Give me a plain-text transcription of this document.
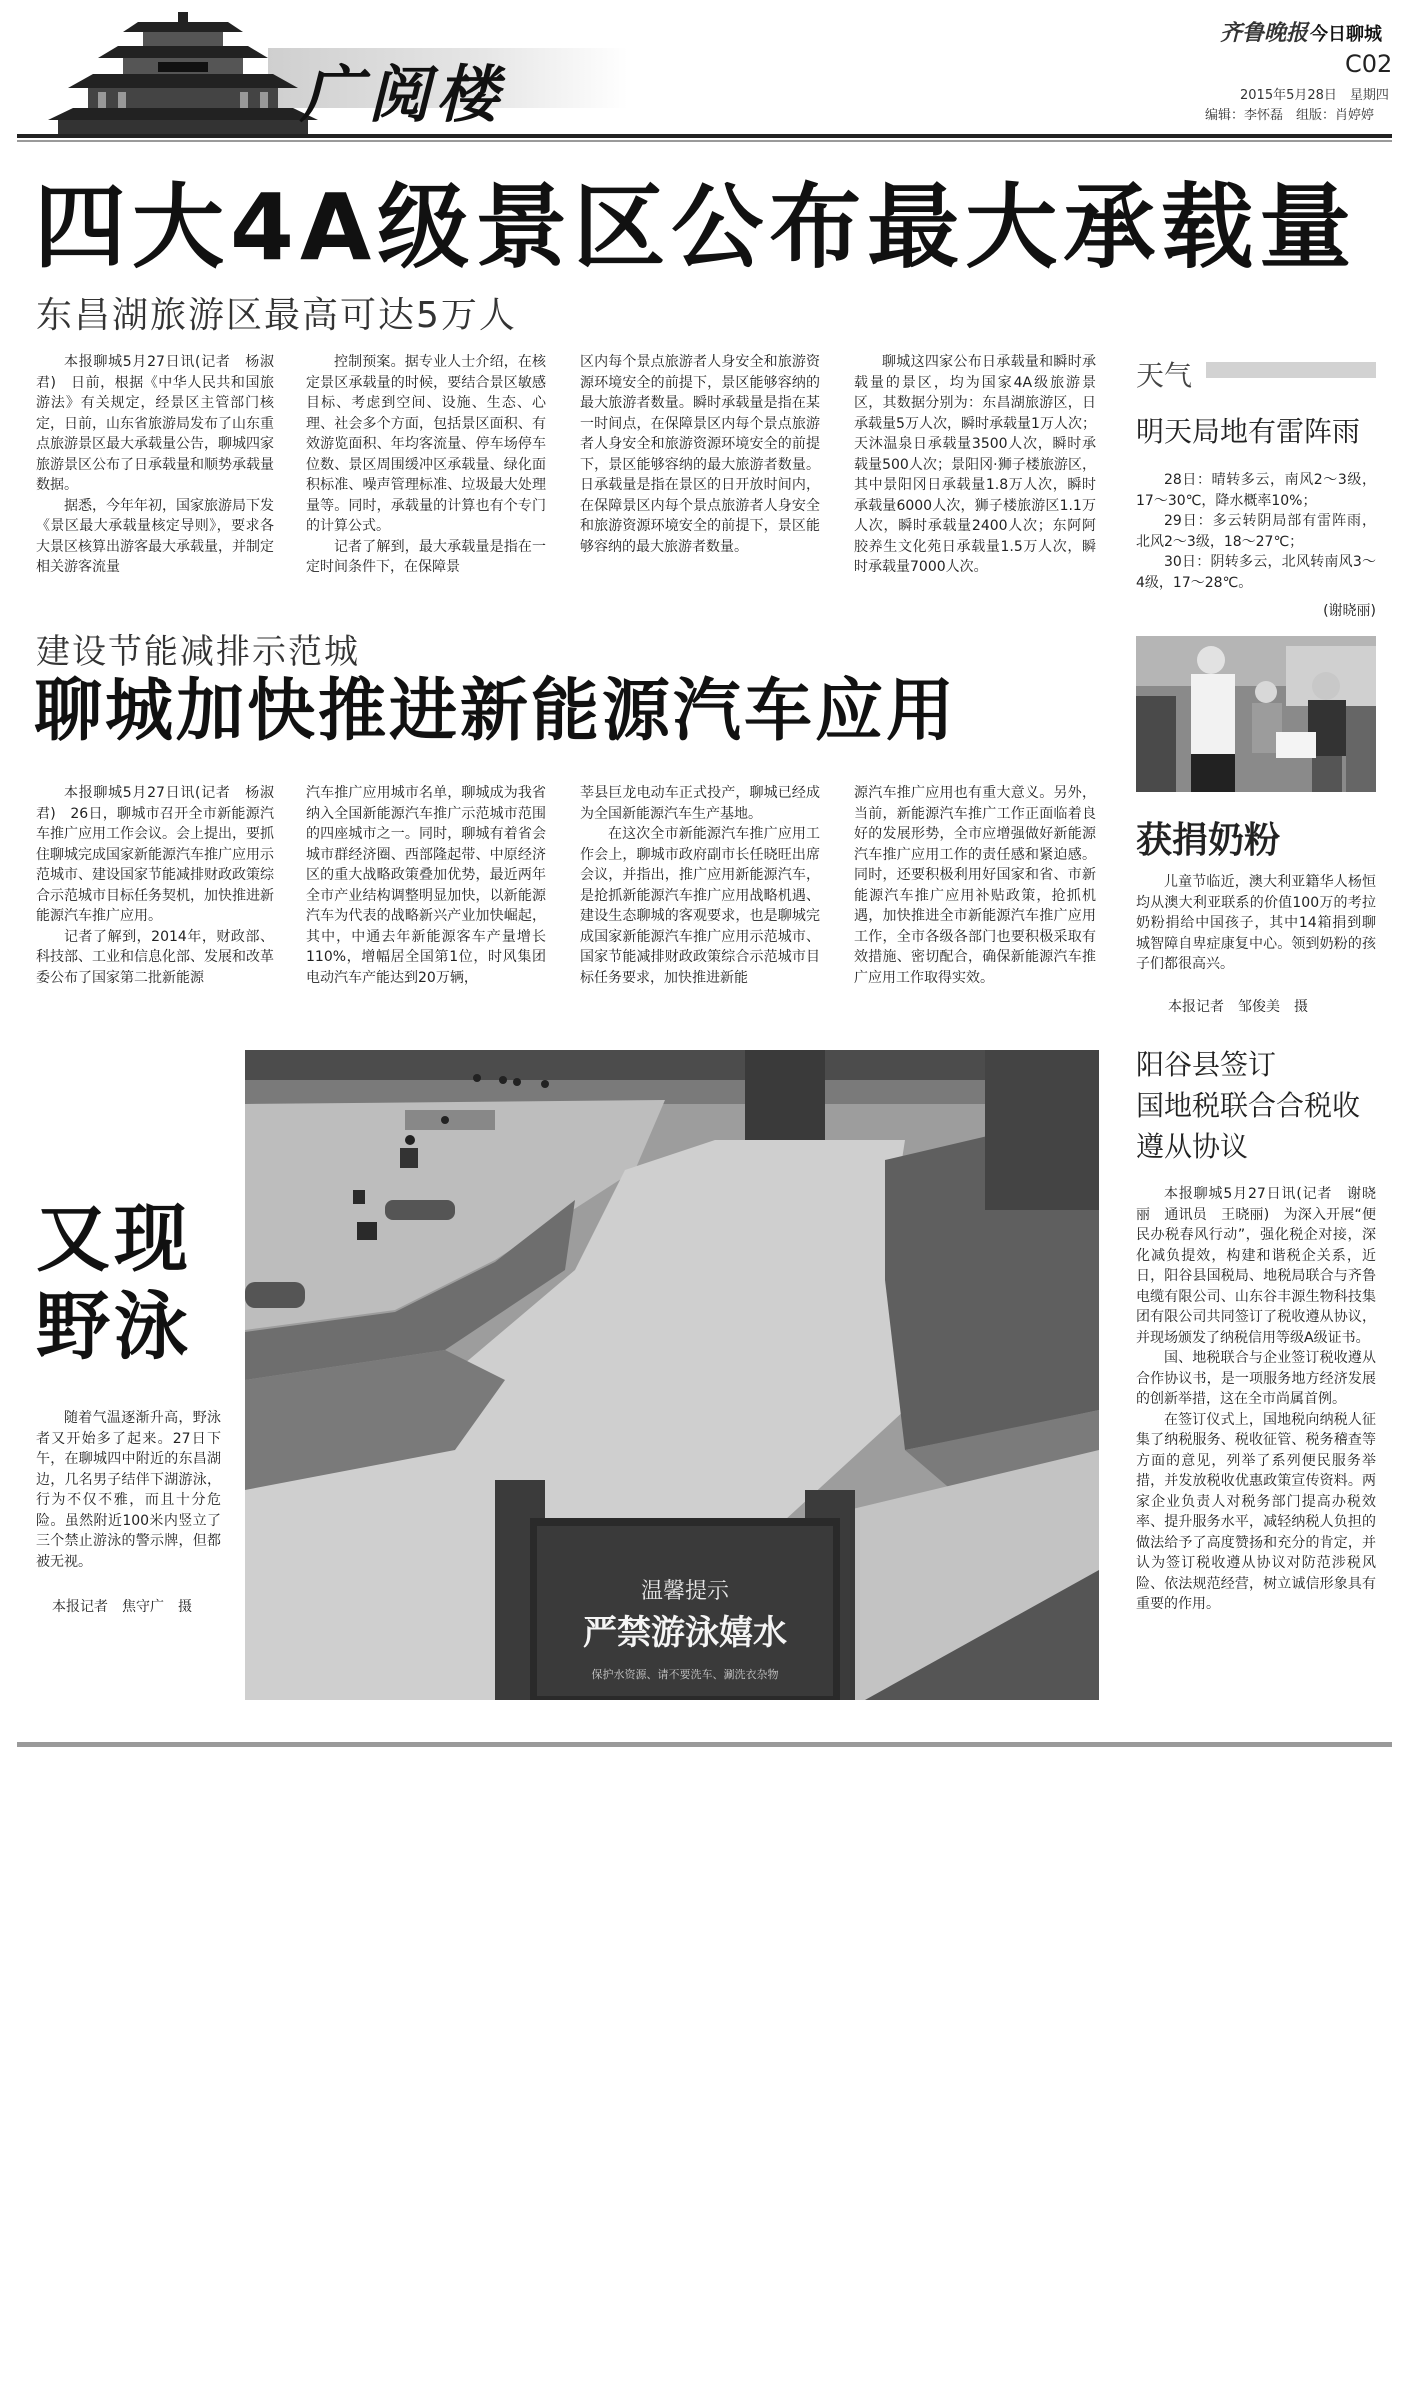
广阅楼
齐鲁晚报 今日聊城
C02
2015年5月28日　星期四
编辑：李怀磊　组版：肖婷婷
四大4A级景区公布最大承载量
东昌湖旅游区最高可达5万人

本报聊城5月27日讯(记者　杨淑君)　日前，根据《中华人民共和国旅游法》有关规定，经景区主管部门核定，日前，山东省旅游局发布了山东重点旅游景区最大承载量公告，聊城四家旅游景区公布了日承载量和顺势承载量数据。

据悉，今年年初，国家旅游局下发《景区最大承载量核定导则》，要求各大景区核算出游客最大承载量，并制定相关游客流量

控制预案。据专业人士介绍，在核定景区承载量的时候，要结合景区敏感目标、考虑到空间、设施、生态、心理、社会多个方面，包括景区面积、有效游览面积、年均客流量、停车场停车位数、景区周围缓冲区承载量、绿化面积标准、噪声管理标准、垃圾最大处理量等。同时，承载量的计算也有个专门的计算公式。

记者了解到，最大承载量是指在一定时间条件下，在保障景

区内每个景点旅游者人身安全和旅游资源环境安全的前提下，景区能够容纳的最大旅游者数量。瞬时承载量是指在某一时间点，在保障景区内每个景点旅游者人身安全和旅游资源环境安全的前提下，景区能够容纳的最大旅游者数量。日承载量是指在景区的日开放时间内，在保障景区内每个景点旅游者人身安全和旅游资源环境安全的前提下，景区能够容纳的最大旅游者数量。

聊城这四家公布日承载量和瞬时承载量的景区，均为国家4A级旅游景区，其数据分别为：东昌湖旅游区，日承载量5万人次，瞬时承载量1万人次；天沐温泉日承载量3500人次，瞬时承载量500人次；景阳冈·狮子楼旅游区，其中景阳冈日承载量1.8万人次，瞬时承载量6000人次，狮子楼旅游区1.1万人次，瞬时承载量2400人次；东阿阿胶养生文化苑日承载量1.5万人次，瞬时承载量7000人次。

天气
明天局地有雷阵雨
28日：晴转多云，南风2～3级，17～30℃，降水概率10%；
29日：多云转阴局部有雷阵雨，北风2～3级，18～27℃；
30日：阴转多云，北风转南风3～4级，17～28℃。
(谢晓丽)
建设节能减排示范城
聊城加快推进新能源汽车应用

本报聊城5月27日讯(记者　杨淑君)　26日，聊城市召开全市新能源汽车推广应用工作会议。会上提出，要抓住聊城完成国家新能源汽车推广应用示范城市、建设国家节能减排财政政策综合示范城市目标任务契机，加快推进新能源汽车推广应用。

记者了解到，2014年，财政部、科技部、工业和信息化部、发展和改革委公布了国家第二批新能源

汽车推广应用城市名单，聊城成为我省纳入全国新能源汽车推广示范城市范围的四座城市之一。同时，聊城有着省会城市群经济圈、西部隆起带、中原经济区的重大战略政策叠加优势，最近两年全市产业结构调整明显加快，以新能源汽车为代表的战略新兴产业加快崛起，其中，中通去年新能源客车产量增长110%，增幅居全国第1位，时风集团电动汽车产能达到20万辆，

莘县巨龙电动车正式投产，聊城已经成为全国新能源汽车生产基地。

在这次全市新能源汽车推广应用工作会上，聊城市政府副市长任晓旺出席会议，并指出，推广应用新能源汽车，是抢抓新能源汽车推广应用战略机遇、建设生态聊城的客观要求，也是聊城完成国家新能源汽车推广应用示范城市、国家节能减排财政政策综合示范城市目标任务要求，加快推进新能

源汽车推广应用也有重大意义。另外，当前，新能源汽车推广工作正面临着良好的发展形势，全市应增强做好新能源汽车推广应用工作的责任感和紧迫感。同时，还要积极利用好国家和省、市新能源汽车推广应用补贴政策，抢抓机遇，加快推进全市新能源汽车推广应用工作，全市各级各部门也要积极采取有效措施、密切配合，确保新能源汽车推广应用工作取得实效。

获捐奶粉
儿童节临近，澳大利亚籍华人杨恒均从澳大利亚联系的价值100万的考拉奶粉捐给中国孩子，其中14箱捐到聊城智障自卑症康复中心。领到奶粉的孩子们都很高兴。
本报记者　邹俊美　摄
温馨提示
严禁游泳嬉水
保护水资源、请不要洗车、涮洗衣杂物
又现
野泳
随着气温逐渐升高，野泳者又开始多了起来。27日下午，在聊城四中附近的东昌湖边，几名男子结伴下湖游泳，行为不仅不雅，而且十分危险。虽然附近100米内竖立了三个禁止游泳的警示牌，但都被无视。
本报记者　焦守广　摄
阳谷县签订
国地税联合合税收
遵从协议

本报聊城5月27日讯(记者　谢晓丽　通讯员　王晓丽)　为深入开展“便民办税春风行动”，强化税企对接，深化减负提效，构建和谐税企关系，近日，阳谷县国税局、地税局联合与齐鲁电缆有限公司、山东谷丰源生物科技集团有限公司共同签订了税收遵从协议，并现场颁发了纳税信用等级A级证书。

国、地税联合与企业签订税收遵从合作协议书，是一项服务地方经济发展的创新举措，这在全市尚属首例。

在签订仪式上，国地税向纳税人征集了纳税服务、税收征管、税务稽查等方面的意见，列举了系列便民服务举措，并发放税收优惠政策宣传资料。两家企业负责人对税务部门提高办税效率、提升服务水平，减轻纳税人负担的做法给予了高度赞扬和充分的肯定，并认为签订税收遵从协议对防范涉税风险、依法规范经营，树立诚信形象具有重要的作用。
